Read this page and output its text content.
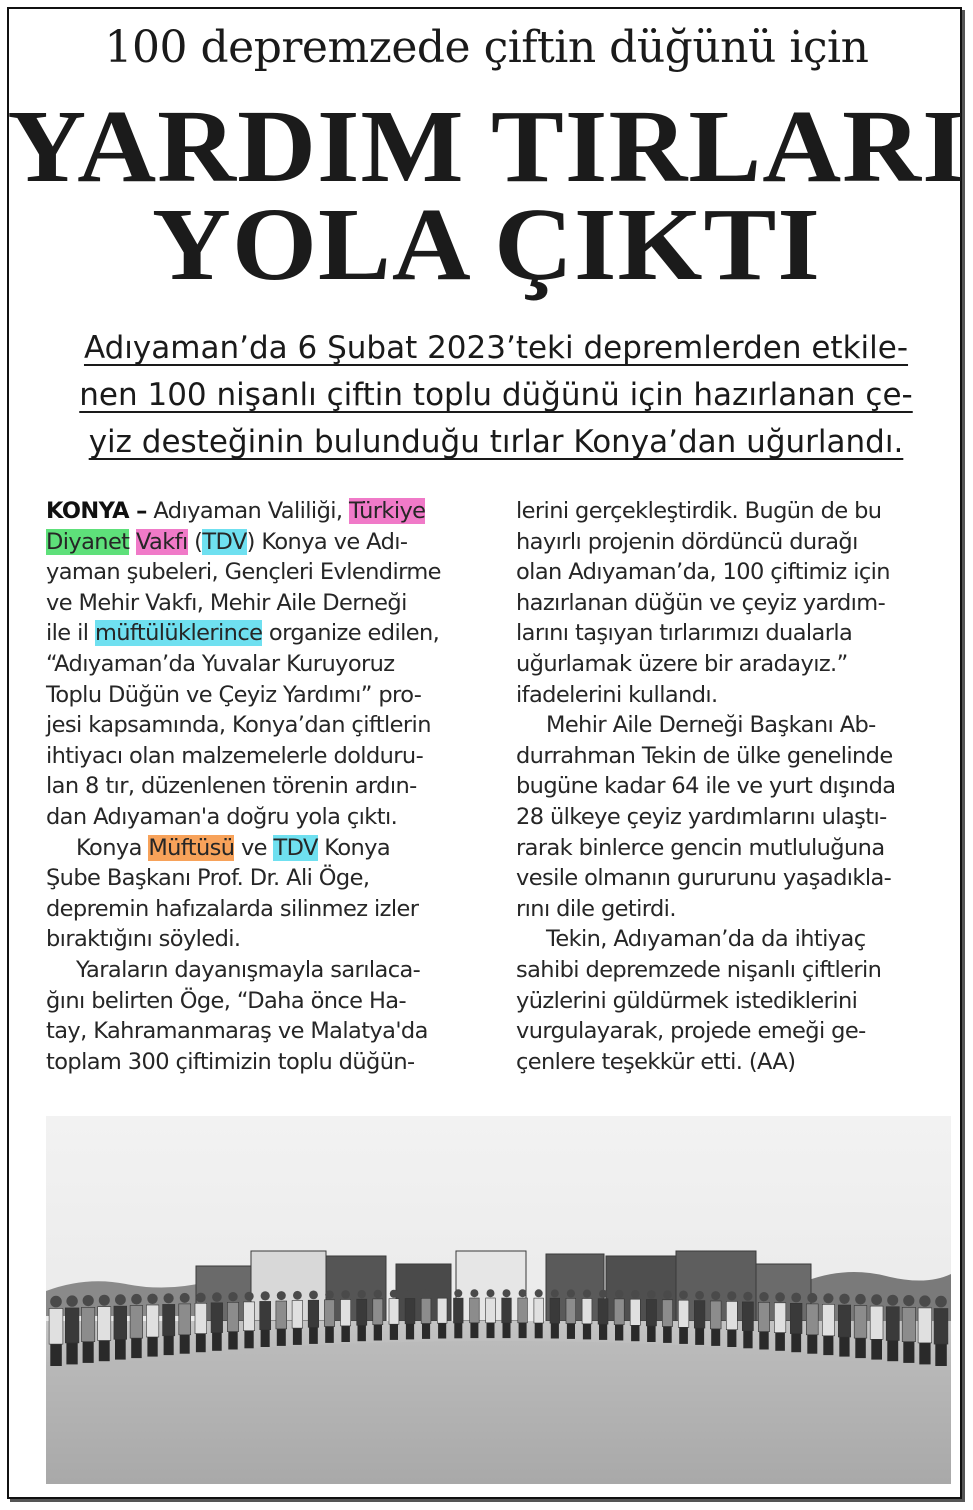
100 depremzede çiftin düğünü için
YARDIM TIRLARI
YOLA ÇIKTI
Adıyaman’da 6 Şubat 2023’teki depremlerden etkile-
nen 100 nişanlı çiftin toplu düğünü için hazırlanan çe-
yiz desteğinin bulunduğu tırlar Konya’dan uğurlandı.
KONYA – Adıyaman Valiliği, Türkiye
Diyanet Vakfı (TDV) Konya ve Adı-
yaman şubeleri, Gençleri Evlendirme
ve Mehir Vakfı, Mehir Aile Derneği
ile il müftülüklerince organize edilen,
“Adıyaman’da Yuvalar Kuruyoruz
Toplu Düğün ve Çeyiz Yardımı” pro-
jesi kapsamında, Konya’dan çiftlerin
ihtiyacı olan malzemelerle dolduru-
lan 8 tır, düzenlenen törenin ardın-
dan Adıyaman'a doğru yola çıktı.
Konya Müftüsü ve TDV Konya
Şube Başkanı Prof. Dr. Ali Öge,
depremin hafızalarda silinmez izler
bıraktığını söyledi.
Yaraların dayanışmayla sarılaca-
ğını belirten Öge, “Daha önce Ha-
tay, Kahramanmaraş ve Malatya'da
toplam 300 çiftimizin toplu düğün-
lerini gerçekleştirdik. Bugün de bu
hayırlı projenin dördüncü durağı
olan Adıyaman’da, 100 çiftimiz için
hazırlanan düğün ve çeyiz yardım-
larını taşıyan tırlarımızı dualarla
uğurlamak üzere bir aradayız.”
ifadelerini kullandı.
Mehir Aile Derneği Başkanı Ab-
durrahman Tekin de ülke genelinde
bugüne kadar 64 ile ve yurt dışında
28 ülkeye çeyiz yardımlarını ulaştı-
rarak binlerce gencin mutluluğuna
vesile olmanın gururunu yaşadıkla-
rını dile getirdi.
Tekin, Adıyaman’da da ihtiyaç
sahibi depremzede nişanlı çiftlerin
yüzlerini güldürmek istediklerini
vurgulayarak, projede emeği ge-
çenlere teşekkür etti. (AA)
